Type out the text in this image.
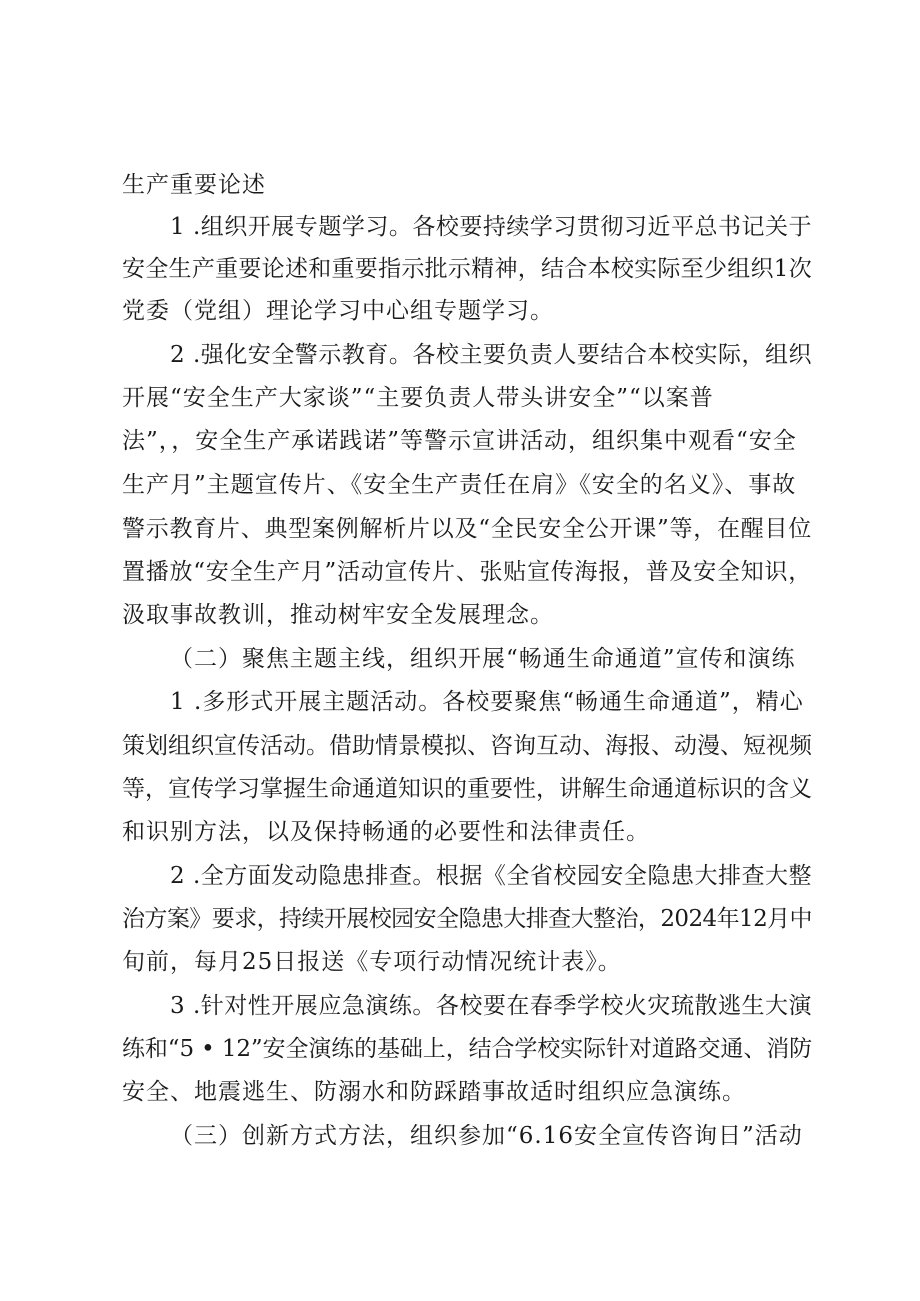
生产重要论述
1 .组织开展专题学习。各校要持续学习贯彻习近平总书记关于
安全生产重要论述和重要指示批示精神，结合本校实际至少组织1次
党委（党组）理论学习中心组专题学习。
2 .强化安全警示教育。各校主要负责人要结合本校实际，组织
开展“安全生产大家谈”“主要负责人带头讲安全”“以案普
法”，，安全生产承诺践诺”等警示宣讲活动，组织集中观看“安全
生产月”主题宣传片、《安全生产责任在肩》《安全的名义》、事故
警示教育片、典型案例解析片以及“全民安全公开课”等，在醒目位
置播放“安全生产月”活动宣传片、张贴宣传海报，普及安全知识，
汲取事故教训，推动树牢安全发展理念。
（二）聚焦主题主线，组织开展“畅通生命通道”宣传和演练
1 .多形式开展主题活动。各校要聚焦“畅通生命通道”，精心
策划组织宣传活动。借助情景模拟、咨询互动、海报、动漫、短视频
等，宣传学习掌握生命通道知识的重要性，讲解生命通道标识的含义
和识别方法，以及保持畅通的必要性和法律责任。
2 .全方面发动隐患排查。根据《全省校园安全隐患大排查大整
治方案》要求，持续开展校园安全隐患大排查大整治，2024年12月中
旬前，每月25日报送《专项行动情况统计表》。
3 .针对性开展应急演练。各校要在春季学校火灾琉散逃生大演
练和“5 • 12”安全演练的基础上，结合学校实际针对道路交通、消防
安全、地震逃生、防溺水和防踩踏事故适时组织应急演练。
（三）创新方式方法，组织参加“6.16安全宣传咨询日”活动
